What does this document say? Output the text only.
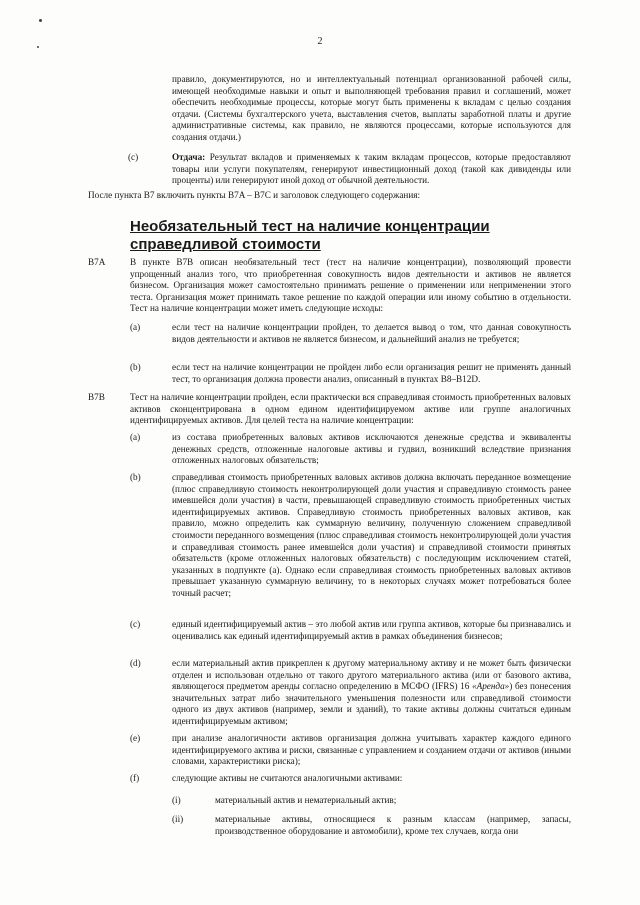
2

правило, документируются, но и интеллектуальный потенциал организованной рабочей силы, имеющей необходимые навыки и опыт и выполняющей требования правил и соглашений, может обеспечить необходимые процессы, которые могут быть применены к вкладам с целью создания отдачи. (Системы бухгалтерского учета, выставления счетов, выплаты заработной платы и другие административные системы, как правило, не являются процессами, которые используются для создания отдачи.)

(c)	Отдача: Результат вкладов и применяемых к таким вкладам процессов, которые предоставляют товары или услуги покупателям, генерируют инвестиционный доход (такой как дивиденды или проценты) или генерируют иной доход от обычной деятельности.

После пункта B7 включить пункты B7A – B7C и заголовок следующего содержания:

Необязательный тест на наличие концентрации справедливой стоимости
B7A	В пункте B7B описан необязательный тест (тест на наличие концентрации), позволяющий провести упрощенный анализ того, что приобретенная совокупность видов деятельности и активов не является бизнесом. Организация может самостоятельно принимать решение о применении или неприменении этого теста. Организация может принимать такое решение по каждой операции или иному событию в отдельности. Тест на наличие концентрации может иметь следующие исходы:

(a)	если тест на наличие концентрации пройден, то делается вывод о том, что данная совокупность видов деятельности и активов не является бизнесом, и дальнейший анализ не требуется;

(b)	если тест на наличие концентрации не пройден либо если организация решит не применять данный тест, то организация должна провести анализ, описанный в пунктах B8–B12D.

B7B	Тест на наличие концентрации пройден, если практически вся справедливая стоимость приобретенных валовых активов сконцентрирована в одном едином идентифицируемом активе или группе аналогичных идентифицируемых активов. Для целей теста на наличие концентрации:

(a)	из состава приобретенных валовых активов исключаются денежные средства и эквиваленты денежных средств, отложенные налоговые активы и гудвил, возникший вследствие признания отложенных налоговых обязательств;

(b)	справедливая стоимость приобретенных валовых активов должна включать переданное возмещение (плюс справедливую стоимость неконтролирующей доли участия и справедливую стоимость ранее имевшейся доли участия) в части, превышающей справедливую стоимость приобретенных чистых идентифицируемых активов. Справедливую стоимость приобретенных валовых активов, как правило, можно определить как суммарную величину, полученную сложением справедливой стоимости переданного возмещения (плюс справедливая стоимость неконтролирующей доли участия и справедливая стоимость ранее имевшейся доли участия) и справедливой стоимости принятых обязательств (кроме отложенных налоговых обязательств) с последующим исключением статей, указанных в подпункте (a). Однако если справедливая стоимость приобретенных валовых активов превышает указанную суммарную величину, то в некоторых случаях может потребоваться более точный расчет;

(c)	единый идентифицируемый актив – это любой актив или группа активов, которые бы признавались и оценивались как единый идентифицируемый актив в рамках объединения бизнесов;

(d)	если материальный актив прикреплен к другому материальному активу и не может быть физически отделен и использован отдельно от такого другого материального актива (или от базового актива, являющегося предметом аренды согласно определению в МСФО (IFRS) 16 «Аренда») без понесения значительных затрат либо значительного уменьшения полезности или справедливой стоимости одного из двух активов (например, земли и зданий), то такие активы должны считаться единым идентифицируемым активом;

(e)	при анализе аналогичности активов организация должна учитывать характер каждого единого идентифицируемого актива и риски, связанные с управлением и созданием отдачи от активов (иными словами, характеристики риска);

(f)	следующие активы не считаются аналогичными активами:

(i)	материальный актив и нематериальный актив;

(ii)	материальные активы, относящиеся к разным классам (например, запасы, производственное оборудование и автомобили), кроме тех случаев, когда они
